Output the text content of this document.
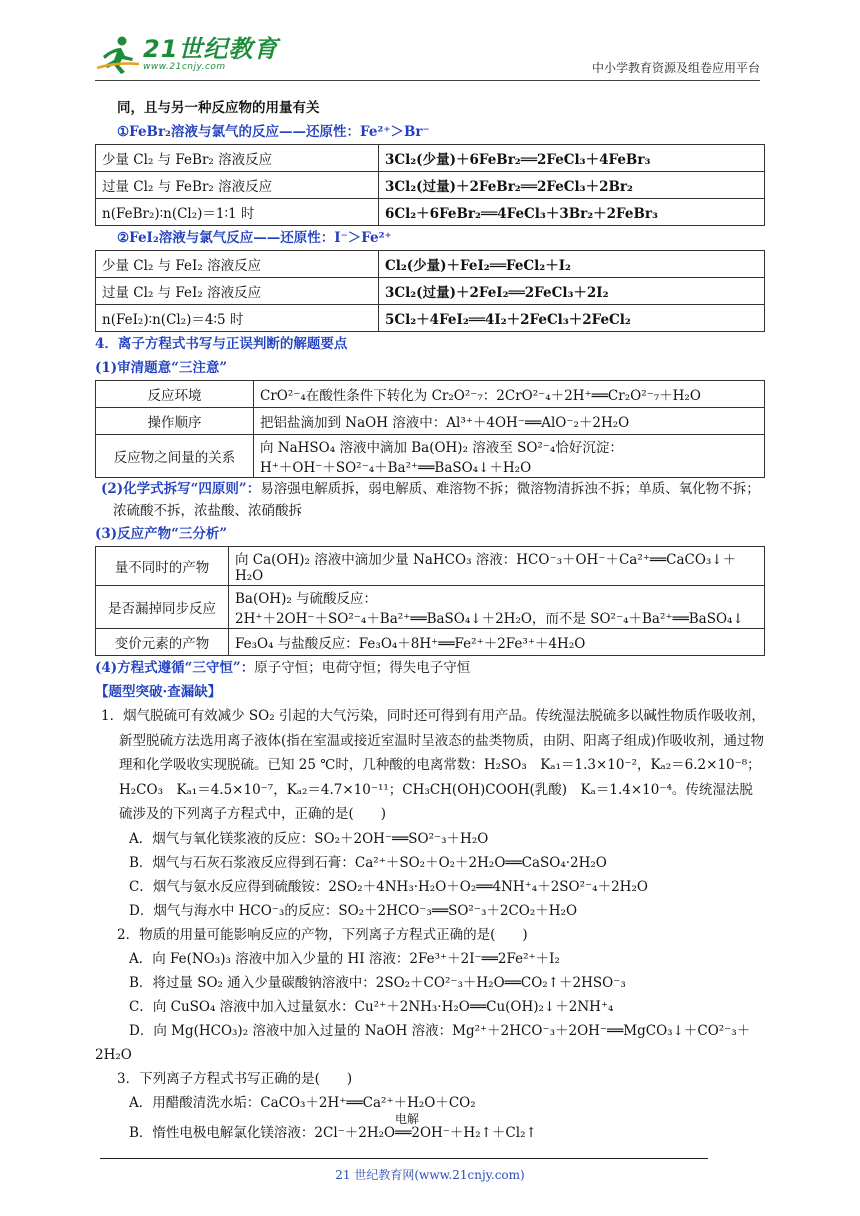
21世纪教育
www.21cnjy.com	中小学教育资源及组卷应用平台
同，且与另一种反应物的用量有关
①FeBr₂溶液与氯气的反应——还原性：Fe²⁺＞Br⁻
少量 Cl₂ 与 FeBr₂ 溶液反应	3Cl₂(少量)＋6FeBr₂══2FeCl₃＋4FeBr₃
过量 Cl₂ 与 FeBr₂ 溶液反应	3Cl₂(过量)＋2FeBr₂══2FeCl₃＋2Br₂
n(FeBr₂)∶n(Cl₂)＝1∶1 时	6Cl₂＋6FeBr₂══4FeCl₃＋3Br₂＋2FeBr₃
②FeI₂溶液与氯气反应——还原性：I⁻＞Fe²⁺
少量 Cl₂ 与 FeI₂ 溶液反应	Cl₂(少量)＋FeI₂══FeCl₂＋I₂
过量 Cl₂ 与 FeI₂ 溶液反应	3Cl₂(过量)＋2FeI₂══2FeCl₃＋2I₂
n(FeI₂)∶n(Cl₂)＝4∶5 时	5Cl₂＋4FeI₂══4I₂＋2FeCl₃＋2FeCl₂
4．离子方程式书写与正误判断的解题要点
(1)审清题意“三注意”
反应环境	CrO²⁻₄在酸性条件下转化为 Cr₂O²⁻₇：2CrO²⁻₄＋2H⁺══Cr₂O²⁻₇＋H₂O
操作顺序	把铝盐滴加到 NaOH 溶液中：Al³⁺＋4OH⁻══AlO⁻₂＋2H₂O
反应物之间量的关系	向 NaHSO₄ 溶液中滴加 Ba(OH)₂ 溶液至 SO²⁻₄恰好沉淀：
H⁺＋OH⁻＋SO²⁻₄＋Ba²⁺══BaSO₄↓＋H₂O
(2)化学式拆写“四原则”：易溶强电解质拆，弱电解质、难溶物不拆；微溶物清拆浊不拆；单质、氧化物不拆；浓硫酸不拆，浓盐酸、浓硝酸拆
(3)反应产物“三分析”
量不同时的产物	向 Ca(OH)₂ 溶液中滴加少量 NaHCO₃ 溶液：HCO⁻₃＋OH⁻＋Ca²⁺══CaCO₃↓＋H₂O
是否漏掉同步反应	Ba(OH)₂ 与硫酸反应：
2H⁺＋2OH⁻＋SO²⁻₄＋Ba²⁺══BaSO₄↓＋2H₂O，而不是 SO²⁻₄＋Ba²⁺══BaSO₄↓

变价元素的产物	Fe₃O₄ 与盐酸反应：Fe₃O₄＋8H⁺══Fe²⁺＋2Fe³⁺＋4H₂O
(4)方程式遵循“三守恒”：原子守恒；电荷守恒；得失电子守恒
【题型突破·查漏缺】
1．烟气脱硫可有效减少 SO₂ 引起的大气污染，同时还可得到有用产品。传统湿法脱硫多以碱性物质作吸收剂，新型脱硫方法选用离子液体(指在室温或接近室温时呈液态的盐类物质，由阴、阳离子组成)作吸收剂，通过物理和化学吸收实现脱硫。已知 25 ℃时，几种酸的电离常数：H₂SO₃　Kₐ₁＝1.3×10⁻²，Kₐ₂＝6.2×10⁻⁸；H₂CO₃　Kₐ₁＝4.5×10⁻⁷，Kₐ₂＝4.7×10⁻¹¹；CH₃CH(OH)COOH(乳酸)　Kₐ＝1.4×10⁻⁴。传统湿法脱硫涉及的下列离子方程式中，正确的是(　　)
A．烟气与氧化镁浆液的反应：SO₂＋2OH⁻══SO²⁻₃＋H₂O
B．烟气与石灰石浆液反应得到石膏：Ca²⁺＋SO₂＋O₂＋2H₂O══CaSO₄·2H₂O
C．烟气与氨水反应得到硫酸铵：2SO₂＋4NH₃·H₂O＋O₂══4NH⁺₄＋2SO²⁻₄＋2H₂O
D．烟气与海水中 HCO⁻₃的反应：SO₂＋2HCO⁻₃══SO²⁻₃＋2CO₂＋H₂O
2．物质的用量可能影响反应的产物，下列离子方程式正确的是(　　)
A．向 Fe(NO₃)₃ 溶液中加入少量的 HI 溶液：2Fe³⁺＋2I⁻══2Fe²⁺＋I₂
B．将过量 SO₂ 通入少量碳酸钠溶液中：2SO₂＋CO²⁻₃＋H₂O══CO₂↑＋2HSO⁻₃
C．向 CuSO₄ 溶液中加入过量氨水：Cu²⁺＋2NH₃·H₂O══Cu(OH)₂↓＋2NH⁺₄
D．向 Mg(HCO₃)₂ 溶液中加入过量的 NaOH 溶液：Mg²⁺＋2HCO⁻₃＋2OH⁻══MgCO₃↓＋CO²⁻₃＋
2H₂O
3．下列离子方程式书写正确的是(　　)
A．用醋酸清洗水垢：CaCO₃＋2H⁺══Ca²⁺＋H₂O＋CO₂
电解
B．惰性电极电解氯化镁溶液：2Cl⁻＋2H₂O══2OH⁻＋H₂↑＋Cl₂↑
21 世纪教育网(www.21cnjy.com)
